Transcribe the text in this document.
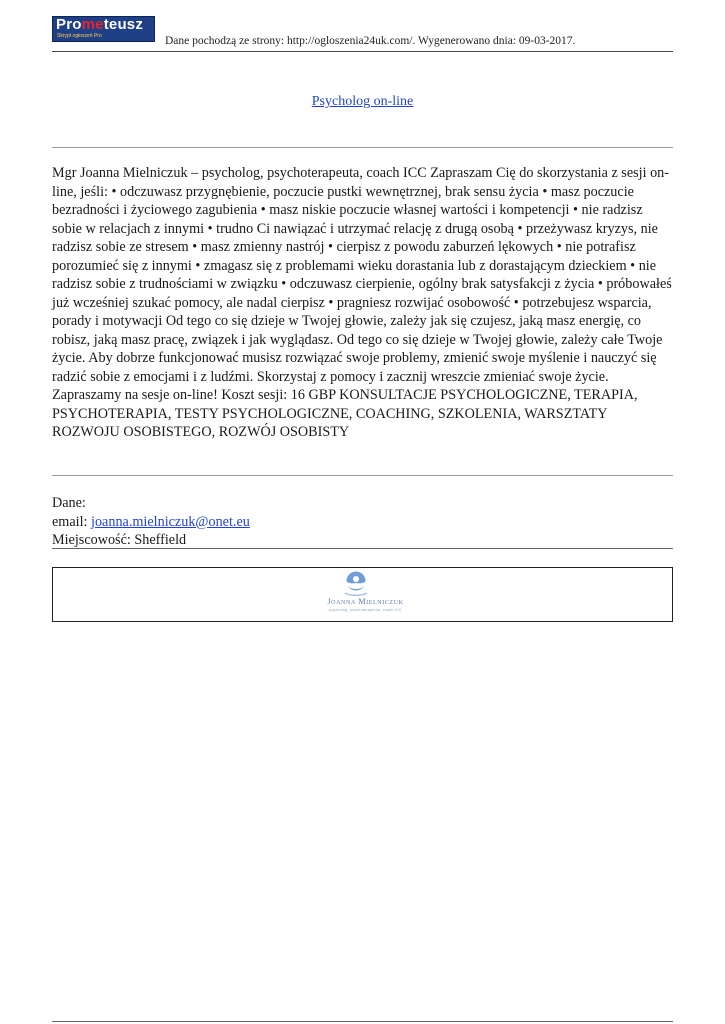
Prometeusz
Skrypt ogłoszeń Pro	Dane pochodzą ze strony: http://ogloszenia24uk.com/. Wygenerowano dnia: 09-03-2017.
Psycholog on-line
Mgr Joanna Mielniczuk – psycholog, psychoterapeuta, coach ICC Zapraszam Cię do skorzystania z sesji on-line, jeśli: • odczuwasz przygnębienie, poczucie pustki wewnętrznej, brak sensu życia • masz poczucie bezradności i życiowego zagubienia • masz niskie poczucie własnej wartości i kompetencji • nie radzisz sobie w relacjach z innymi • trudno Ci nawiązać i utrzymać relację z drugą osobą • przeżywasz kryzys, nie radzisz sobie ze stresem • masz zmienny nastrój • cierpisz z powodu zaburzeń lękowych • nie potrafisz porozumieć się z innymi • zmagasz się z problemami wieku dorastania lub z dorastającym dzieckiem • nie radzisz sobie z trudnościami w związku • odczuwasz cierpienie, ogólny brak satysfakcji z życia • próbowałeś już wcześniej szukać pomocy, ale nadal cierpisz • pragniesz rozwijać osobowość • potrzebujesz wsparcia, porady i motywacji Od tego co się dzieje w Twojej głowie, zależy jak się czujesz, jaką masz energię, co robisz, jaką masz pracę, związek i jak wyglądasz. Od tego co się dzieje w Twojej głowie, zależy całe Twoje życie. Aby dobrze funkcjonować musisz rozwiązać swoje problemy, zmienić swoje myślenie i nauczyć się radzić sobie z emocjami i z ludźmi. Skorzystaj z pomocy i zacznij wreszcie zmieniać swoje życie. Zapraszamy na sesje on-line! Koszt sesji: 16 GBP KONSULTACJE PSYCHOLOGICZNE, TERAPIA, PSYCHOTERAPIA, TESTY PSYCHOLOGICZNE, COACHING, SZKOLENIA, WARSZTATY ROZWOJU OSOBISTEGO, ROZWÓJ OSOBISTY
Dane:
email: joanna.mielniczuk@onet.eu
Miejscowość: Sheffield
Joanna Mielniczuk
psycholog, psychoterapeuta, coach ICC
